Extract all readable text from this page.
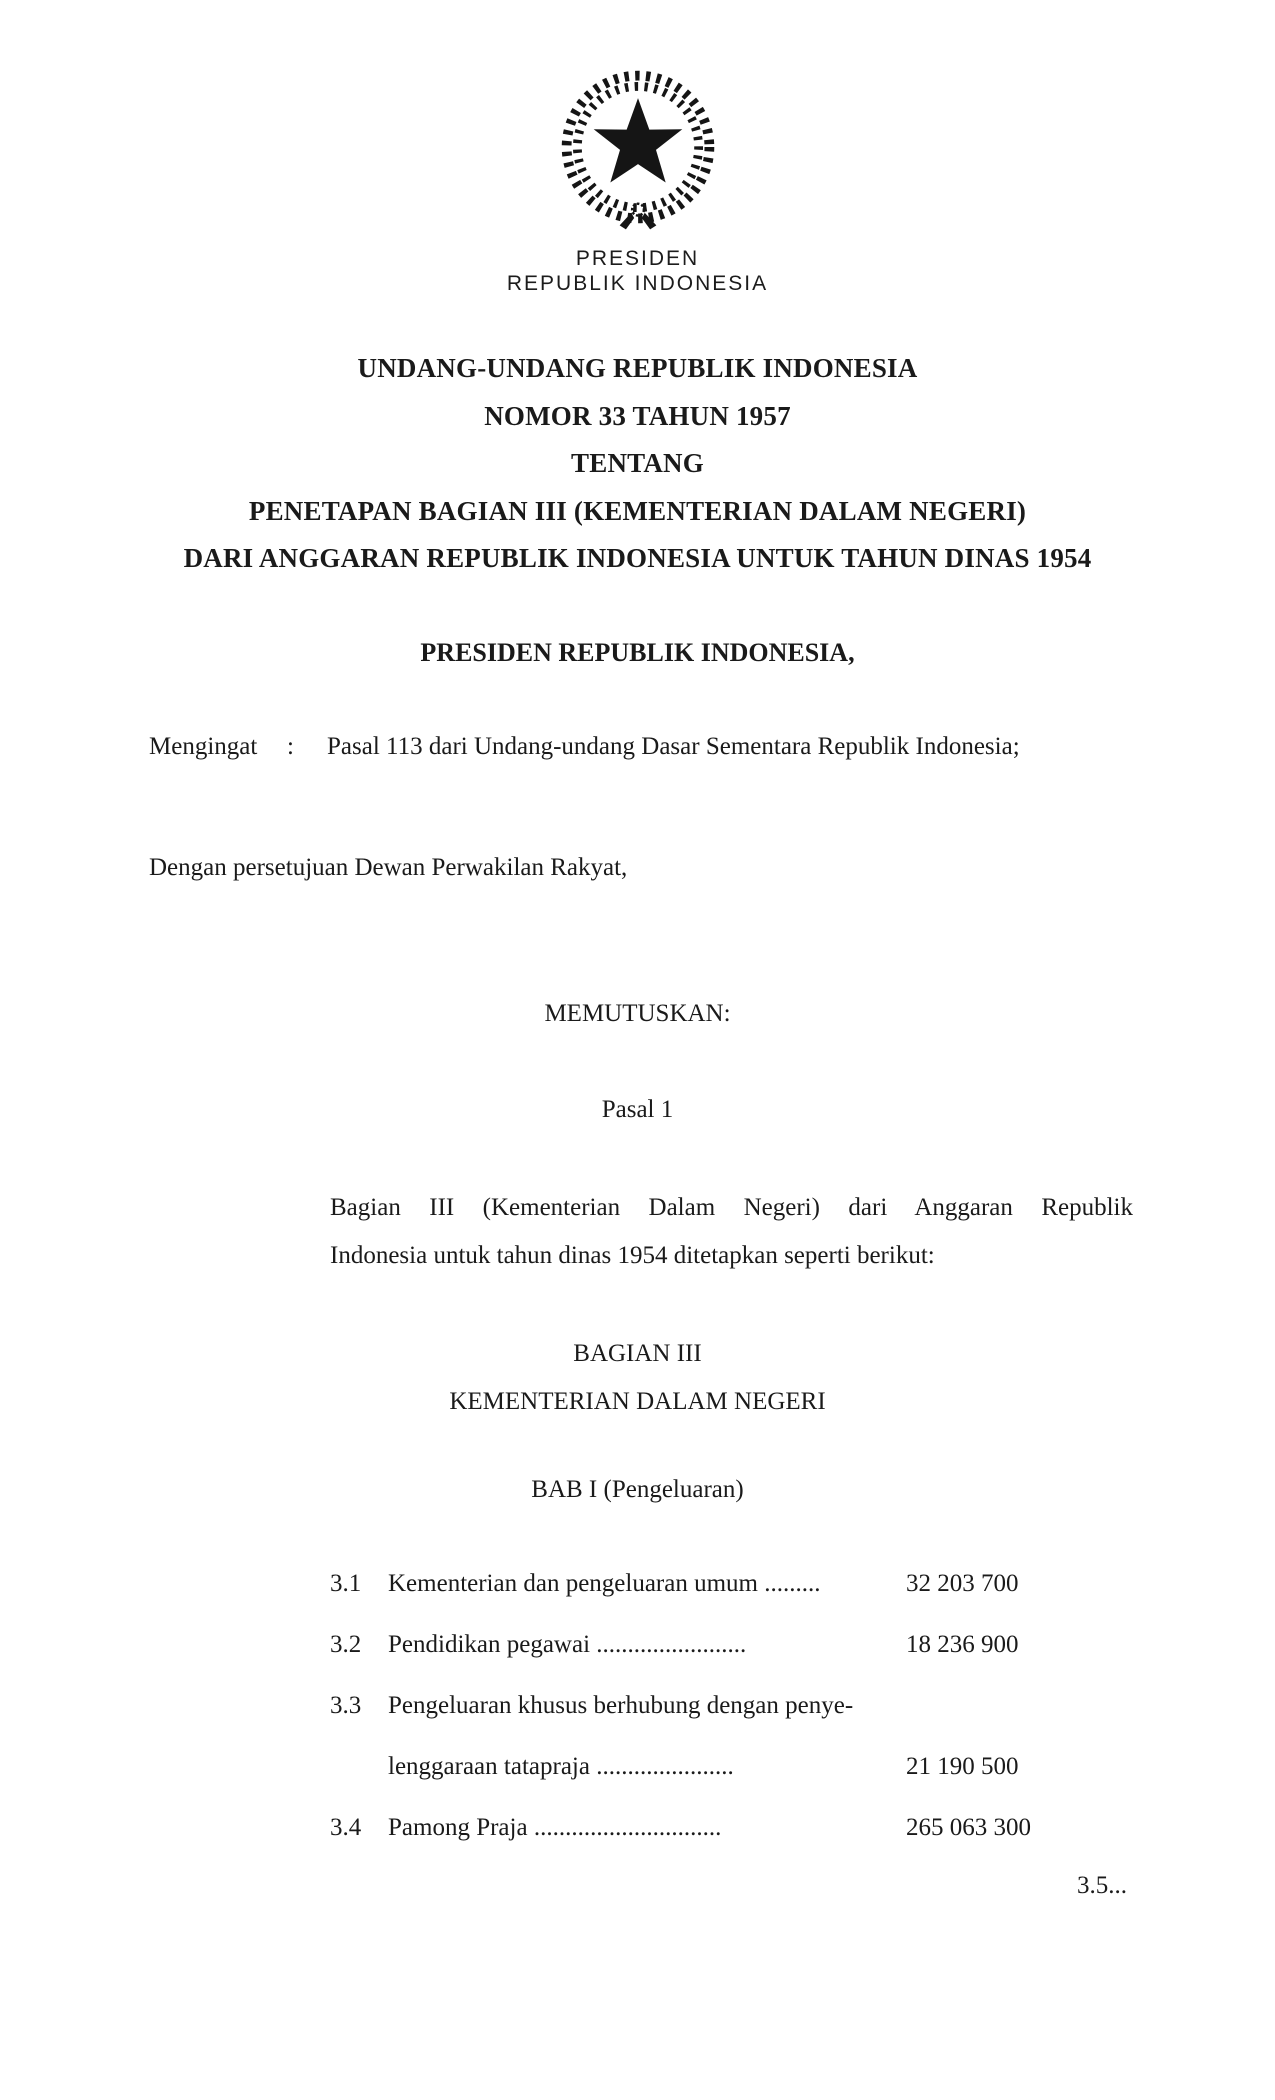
PRESIDEN
REPUBLIK INDONESIA
UNDANG-UNDANG REPUBLIK INDONESIA
NOMOR 33 TAHUN 1957
TENTANG
PENETAPAN BAGIAN III (KEMENTERIAN DALAM NEGERI)
DARI ANGGARAN REPUBLIK INDONESIA UNTUK TAHUN DINAS 1954
PRESIDEN REPUBLIK INDONESIA,
Mengingat	:	Pasal 113 dari Undang-undang Dasar Sementara Republik Indonesia;
Dengan persetujuan Dewan Perwakilan Rakyat,
MEMUTUSKAN:
Pasal 1
Bagian III (Kementerian Dalam Negeri) dari Anggaran Republik
Indonesia untuk tahun dinas 1954 ditetapkan seperti berikut:
BAGIAN III
KEMENTERIAN DALAM NEGERI
BAB I (Pengeluaran)
3.1	Kementerian dan pengeluaran umum .........	32 203 700
3.2	Pendidikan pegawai ........................	18 236 900
3.3	Pengeluaran khusus berhubung dengan penye-
lenggaraan tatapraja ......................	21 190 500
3.4	Pamong Praja ..............................	265 063 300
3.5...
